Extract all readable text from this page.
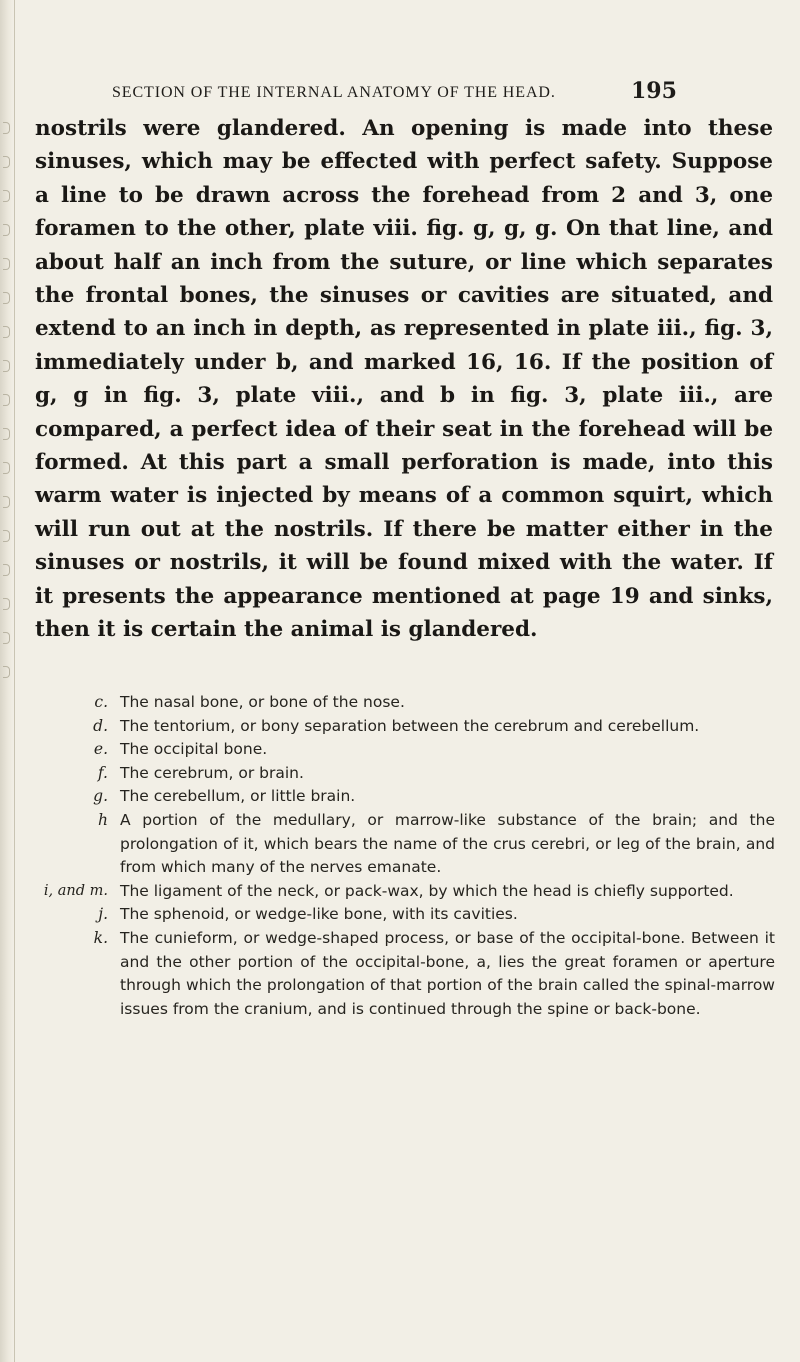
SECTION OF THE INTERNAL ANATOMY OF THE HEAD.	195

nostrils were glandered. An opening is made into these sinuses, which may be effected with perfect safety. Suppose a line to be drawn across the forehead from 2 and 3, one foramen to the other, plate viii. fig. g, g, g. On that line, and about half an inch from the suture, or line which separates the frontal bones, the sinuses or cavities are situated, and extend to an inch in depth, as represented in plate iii., fig. 3, immediately under b, and marked 16, 16. If the position of g, g in fig. 3, plate viii., and b in fig. 3, plate iii., are compared, a perfect idea of their seat in the forehead will be formed. At this part a small perforation is made, into this warm water is injected by means of a common squirt, which will run out at the nostrils. If there be matter either in the sinuses or nostrils, it will be found mixed with the water. If it presents the appearance mentioned at page 19 and sinks, then it is certain the animal is glandered.

c. The nasal bone, or bone of the nose.
d. The tentorium, or bony separation between the cerebrum and cerebellum.
e. The occipital bone.
f. The cerebrum, or brain.
g. The cerebellum, or little brain.
h A portion of the medullary, or marrow-like substance of the brain; and the prolongation of it, which bears the name of the crus cerebri, or leg of the brain, and from which many of the nerves emanate.
i, and m. The ligament of the neck, or pack-wax, by which the head is chiefly supported.
j. The sphenoid, or wedge-like bone, with its cavities.
k. The cunieform, or wedge-shaped process, or base of the occipital-bone. Between it and the other portion of the occipital-bone, a, lies the great foramen or aperture through which the prolongation of that portion of the brain called the spinal-marrow issues from the cranium, and is continued through the spine or back-bone.
